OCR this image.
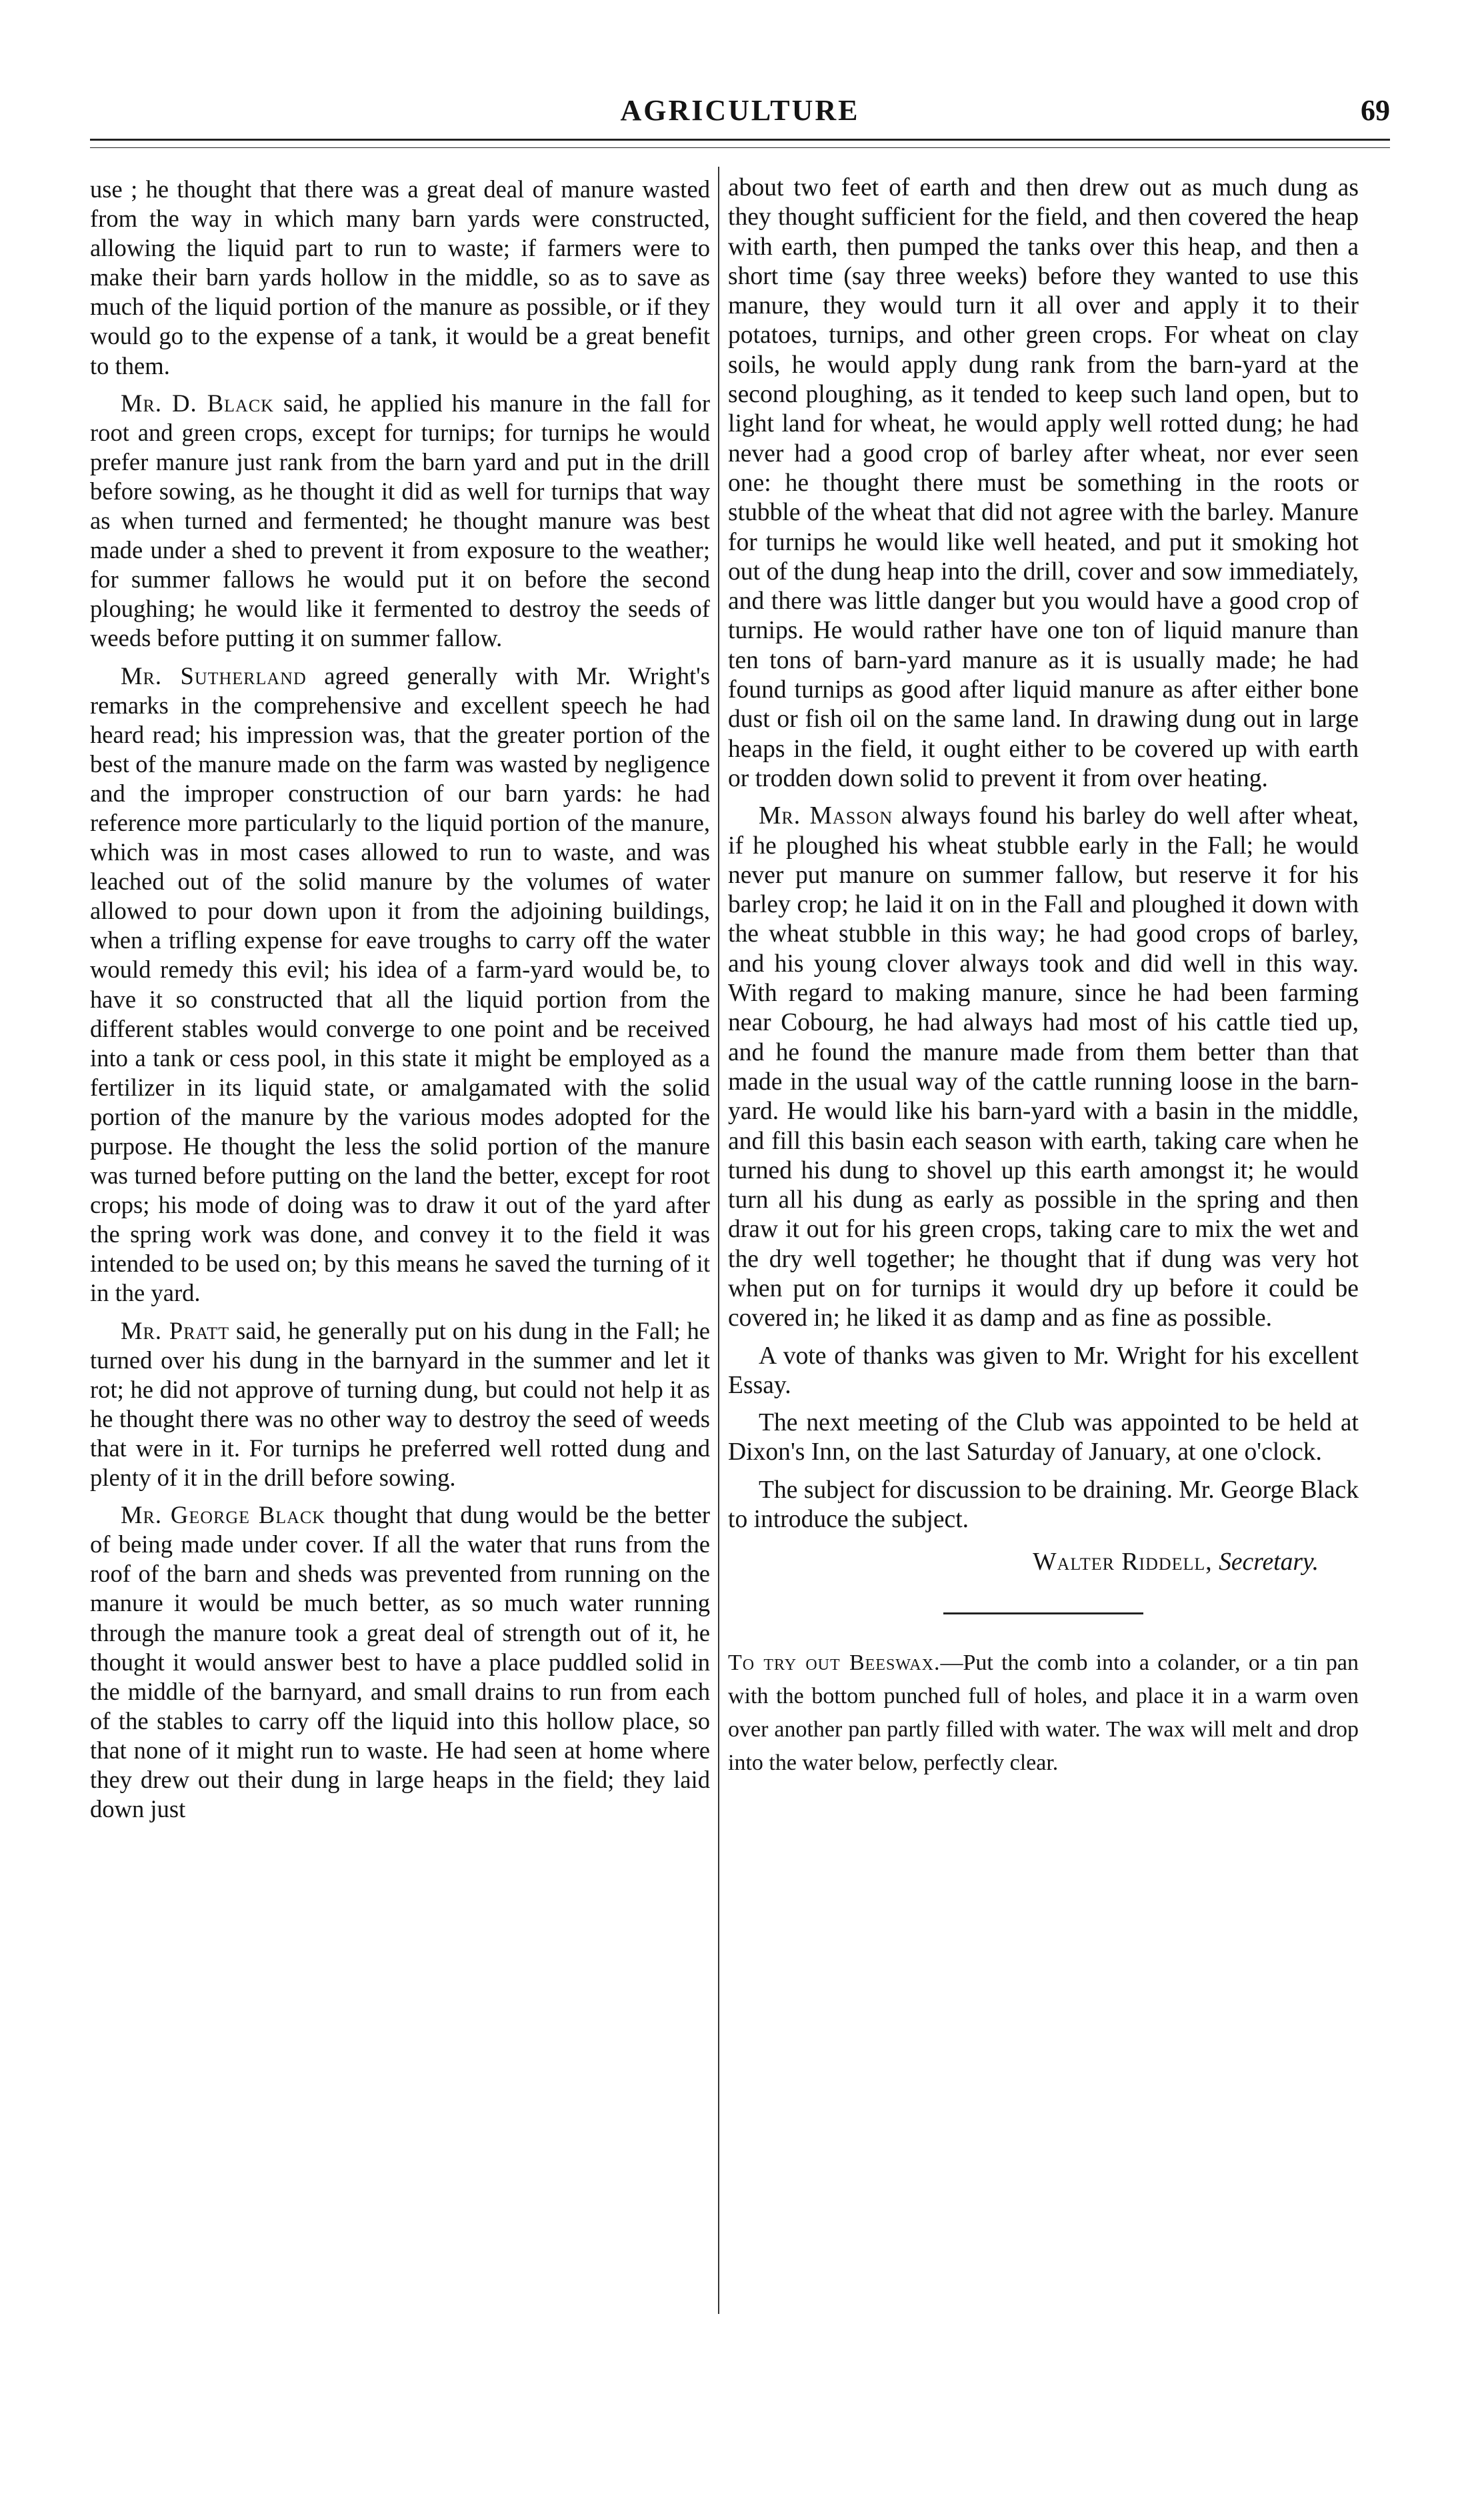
AGRICULTURE	69

use ; he thought that there was a great deal of manure wasted from the way in which many barn yards were constructed, allowing the liquid part to run to waste; if farmers were to make their barn yards hollow in the middle, so as to save as much of the liquid portion of the manure as possible, or if they would go to the expense of a tank, it would be a great benefit to them.

Mr. D. Black said, he applied his manure in the fall for root and green crops, except for turnips; for turnips he would prefer manure just rank from the barn yard and put in the drill before sowing, as he thought it did as well for turnips that way as when turned and fermented; he thought manure was best made under a shed to prevent it from exposure to the weather; for summer fallows he would put it on before the second ploughing; he would like it fermented to destroy the seeds of weeds before putting it on summer fallow.

Mr. Sutherland agreed generally with Mr. Wright's remarks in the comprehensive and excellent speech he had heard read; his impression was, that the greater portion of the best of the manure made on the farm was wasted by negligence and the improper construction of our barn yards: he had reference more particularly to the liquid portion of the manure, which was in most cases allowed to run to waste, and was leached out of the solid manure by the volumes of water allowed to pour down upon it from the adjoining buildings, when a trifling expense for eave troughs to carry off the water would remedy this evil; his idea of a farm-yard would be, to have it so constructed that all the liquid portion from the different stables would converge to one point and be received into a tank or cess pool, in this state it might be employed as a fertilizer in its liquid state, or amalgamated with the solid portion of the manure by the various modes adopted for the purpose. He thought the less the solid portion of the manure was turned before putting on the land the better, except for root crops; his mode of doing was to draw it out of the yard after the spring work was done, and convey it to the field it was intended to be used on; by this means he saved the turning of it in the yard.

Mr. Pratt said, he generally put on his dung in the Fall; he turned over his dung in the barnyard in the summer and let it rot; he did not approve of turning dung, but could not help it as he thought there was no other way to destroy the seed of weeds that were in it. For turnips he preferred well rotted dung and plenty of it in the drill before sowing.

Mr. George Black thought that dung would be the better of being made under cover. If all the water that runs from the roof of the barn and sheds was prevented from running on the manure it would be much better, as so much water running through the manure took a great deal of strength out of it, he thought it would answer best to have a place puddled solid in the middle of the barnyard, and small drains to run from each of the stables to carry off the liquid into this hollow place, so that none of it might run to waste. He had seen at home where they drew out their dung in large heaps in the field; they laid down just

about two feet of earth and then drew out as much dung as they thought sufficient for the field, and then covered the heap with earth, then pumped the tanks over this heap, and then a short time (say three weeks) before they wanted to use this manure, they would turn it all over and apply it to their potatoes, turnips, and other green crops. For wheat on clay soils, he would apply dung rank from the barn-yard at the second ploughing, as it tended to keep such land open, but to light land for wheat, he would apply well rotted dung; he had never had a good crop of barley after wheat, nor ever seen one: he thought there must be something in the roots or stubble of the wheat that did not agree with the barley. Manure for turnips he would like well heated, and put it smoking hot out of the dung heap into the drill, cover and sow immediately, and there was little danger but you would have a good crop of turnips. He would rather have one ton of liquid manure than ten tons of barn-yard manure as it is usually made; he had found turnips as good after liquid manure as after either bone dust or fish oil on the same land. In drawing dung out in large heaps in the field, it ought either to be covered up with earth or trodden down solid to prevent it from over heating.

Mr. Masson always found his barley do well after wheat, if he ploughed his wheat stubble early in the Fall; he would never put manure on summer fallow, but reserve it for his barley crop; he laid it on in the Fall and ploughed it down with the wheat stubble in this way; he had good crops of barley, and his young clover always took and did well in this way. With regard to making manure, since he had been farming near Cobourg, he had always had most of his cattle tied up, and he found the manure made from them better than that made in the usual way of the cattle running loose in the barn-yard. He would like his barn-yard with a basin in the middle, and fill this basin each season with earth, taking care when he turned his dung to shovel up this earth amongst it; he would turn all his dung as early as possible in the spring and then draw it out for his green crops, taking care to mix the wet and the dry well together; he thought that if dung was very hot when put on for turnips it would dry up before it could be covered in; he liked it as damp and as fine as possible.

A vote of thanks was given to Mr. Wright for his excellent Essay.

The next meeting of the Club was appointed to be held at Dixon's Inn, on the last Saturday of January, at one o'clock.

The subject for discussion to be draining. Mr. George Black to introduce the subject.

Walter Riddell, Secretary.

To try out Beeswax.—Put the comb into a colander, or a tin pan with the bottom punched full of holes, and place it in a warm oven over another pan partly filled with water. The wax will melt and drop into the water below, perfectly clear.
